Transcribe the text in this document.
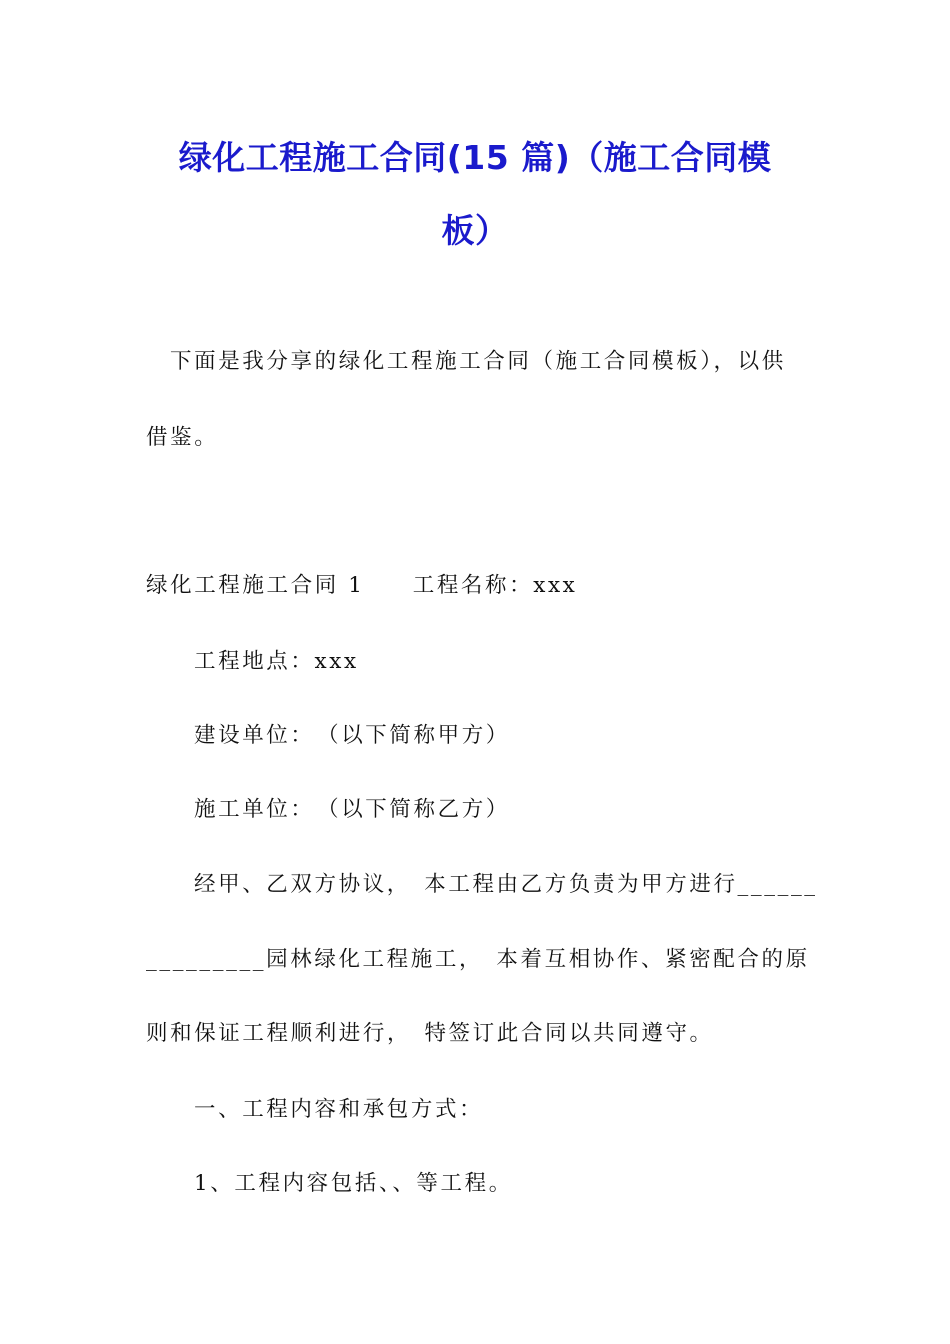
绿化工程施工合同(15 篇)（施工合同模
板）
下面是我分享的绿化工程施工合同（施工合同模板），以供
借鉴。
绿化工程施工合同 1　　工程名称：xxx
工程地点：xxx
建设单位：　（以下简称甲方）
施工单位：　（以下简称乙方）
经甲、乙双方协议，　本工程由乙方负责为甲方进行______
_________园林绿化工程施工，　本着互相协作、紧密配合的原
则和保证工程顺利进行，　特签订此合同以共同遵守。
一、工程内容和承包方式：
1、工程内容包括、、等工程。
